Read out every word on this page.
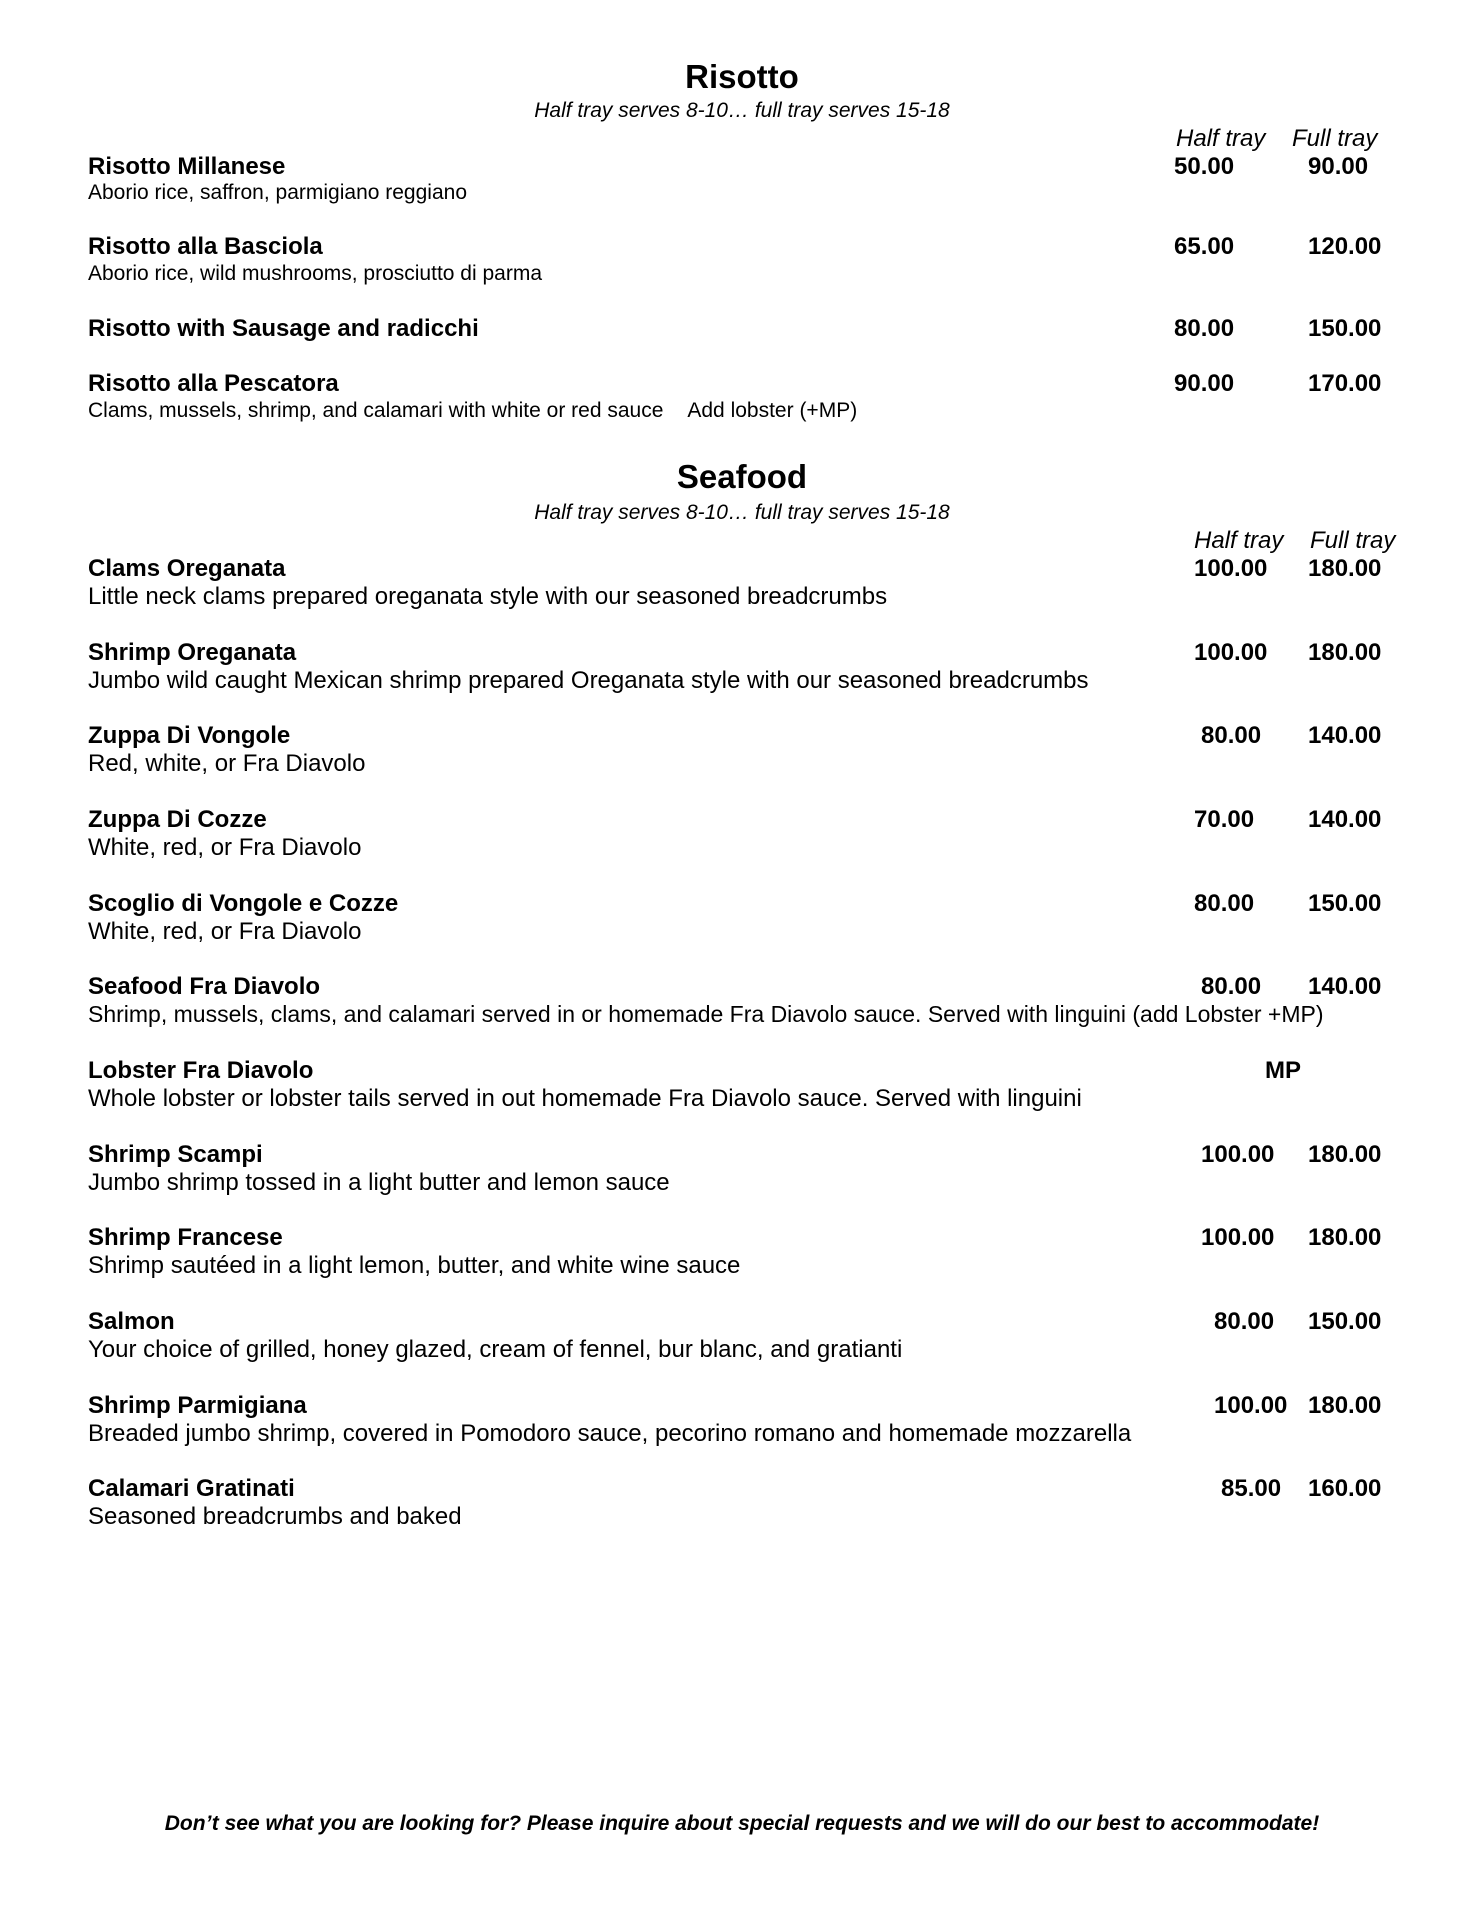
Risotto
Half tray serves 8-10… full tray serves 15-18
Half tray Full tray
Risotto Millanese	50.00	90.00
Aborio rice, saffron, parmigiano reggiano
Risotto alla Basciola	65.00	120.00
Aborio rice, wild mushrooms, prosciutto di parma
Risotto with Sausage and radicchi	80.00	150.00
Risotto alla Pescatora	90.00	170.00
Clams, mussels, shrimp, and calamari with white or red sauce Add lobster (+MP)
Seafood
Half tray serves 8-10… full tray serves 15-18
Half tray Full tray
Clams Oreganata	100.00 180.00
Little neck clams prepared oreganata style with our seasoned breadcrumbs
Shrimp Oreganata	100.00 180.00
Jumbo wild caught Mexican shrimp prepared Oreganata style with our seasoned breadcrumbs
Zuppa Di Vongole	80.00 140.00
Red, white, or Fra Diavolo
Zuppa Di Cozze	70.00 140.00
White, red, or Fra Diavolo
Scoglio di Vongole e Cozze	80.00 150.00
White, red, or Fra Diavolo
Seafood Fra Diavolo	80.00 140.00
Shrimp, mussels, clams, and calamari served in or homemade Fra Diavolo sauce. Served with linguini (add Lobster +MP)
Lobster Fra Diavolo	MP
Whole lobster or lobster tails served in out homemade Fra Diavolo sauce. Served with linguini
Shrimp Scampi	100.00 180.00
Jumbo shrimp tossed in a light butter and lemon sauce
Shrimp Francese	100.00 180.00
Shrimp sautéed in a light lemon, butter, and white wine sauce
Salmon	80.00 150.00
Your choice of grilled, honey glazed, cream of fennel, bur blanc, and gratianti
Shrimp Parmigiana	100.00 180.00
Breaded jumbo shrimp, covered in Pomodoro sauce, pecorino romano and homemade mozzarella
Calamari Gratinati	85.00 160.00
Seasoned breadcrumbs and baked
Don’t see what you are looking for? Please inquire about special requests and we will do our best to accommodate!
